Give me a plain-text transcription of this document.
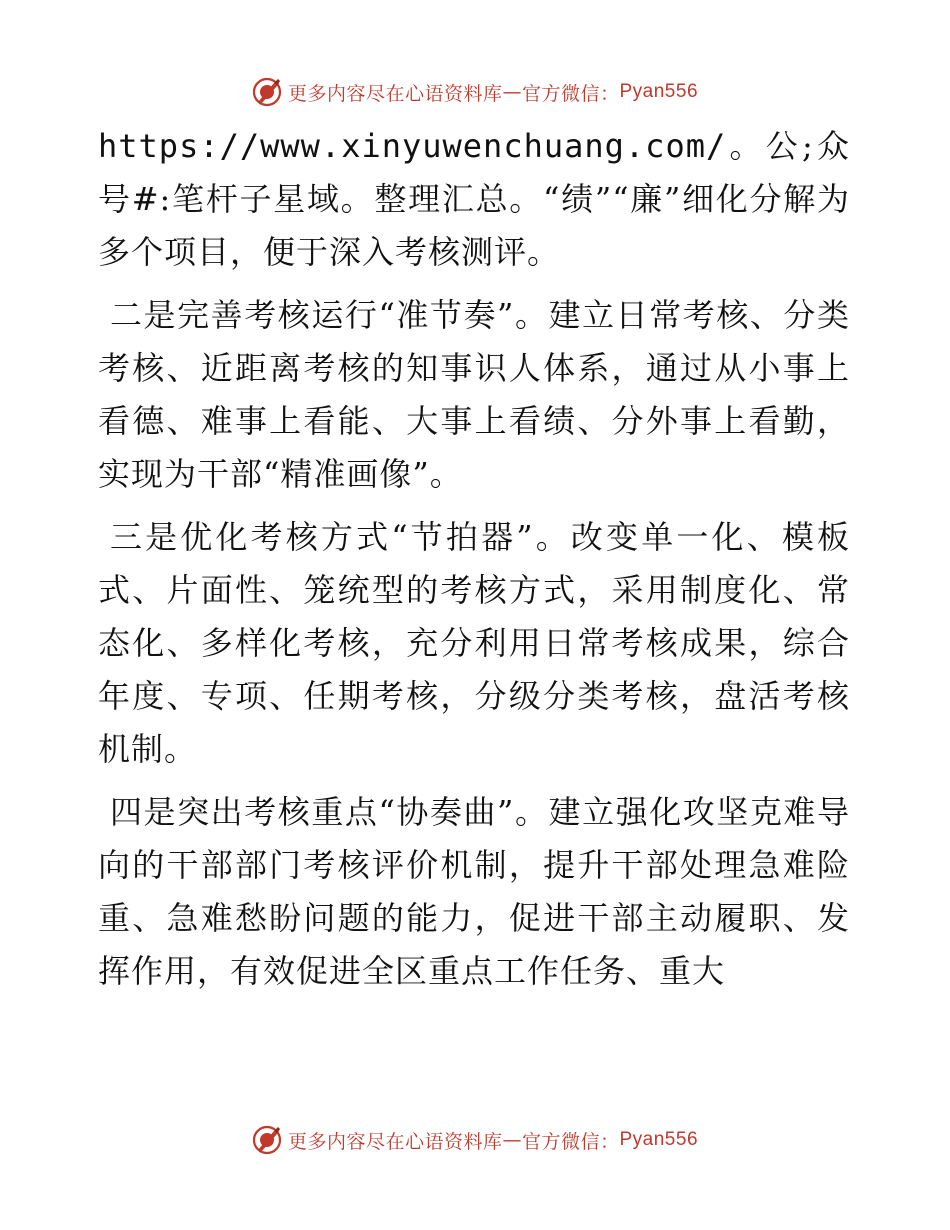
更多内容尽在心语资料库 — 官方微信： Pyan556

https://www.xinyuwenchuang.com/。公;众号#:笔杆子星域。整理汇总。“绩”“廉”细化分解为多个项目，便于深入考核测评。

二是完善考核运行“准节奏”。建立日常考核、分类考核、近距离考核的知事识人体系，通过从小事上看德、难事上看能、大事上看绩、分外事上看勤，实现为干部“精准画像”。

三是优化考核方式“节拍器”。改变单一化、模板式、片面性、笼统型的考核方式，采用制度化、常态化、多样化考核，充分利用日常考核成果，综合年度、专项、任期考核，分级分类考核，盘活考核机制。

四是突出考核重点“协奏曲”。建立强化攻坚克难导向的干部部门考核评价机制，提升干部处理急难险重、急难愁盼问题的能力，促进干部主动履职、发挥作用，有效促进全区重点工作任务、重大

更多内容尽在心语资料库 — 官方微信： Pyan556
